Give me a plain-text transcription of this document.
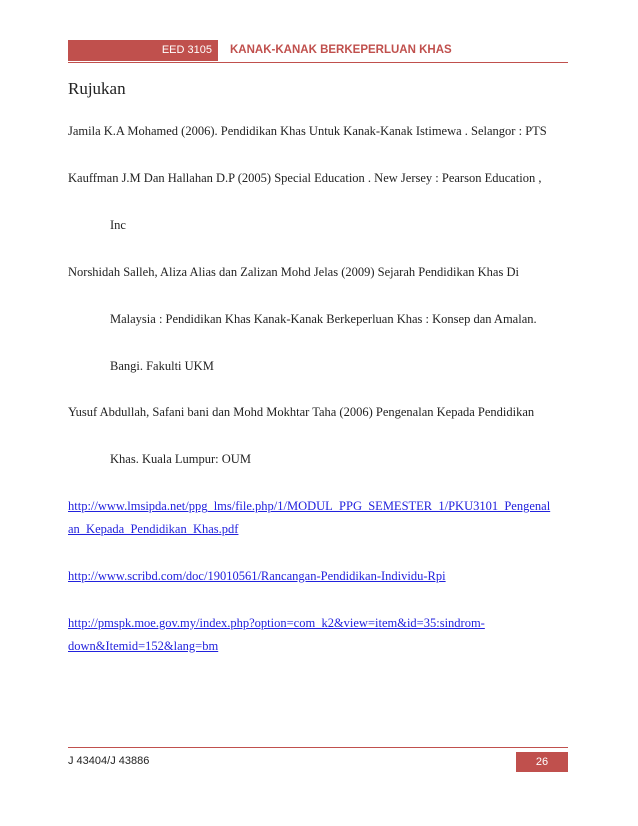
EED 3105	KANAK-KANAK BERKEPERLUAN KHAS
Rujukan
Jamila K.A Mohamed (2006). Pendidikan Khas Untuk Kanak-Kanak Istimewa . Selangor : PTS
Kauffman J.M Dan Hallahan D.P (2005) Special Education . New Jersey : Pearson Education ,
Inc
Norshidah Salleh, Aliza Alias dan Zalizan Mohd Jelas (2009) Sejarah Pendidikan Khas Di
Malaysia : Pendidikan Khas Kanak-Kanak Berkeperluan Khas : Konsep dan Amalan.
Bangi. Fakulti UKM
Yusuf Abdullah, Safani bani dan Mohd Mokhtar Taha (2006) Pengenalan Kepada Pendidikan
Khas. Kuala Lumpur: OUM
http://www.lmsipda.net/ppg_lms/file.php/1/MODUL_PPG_SEMESTER_1/PKU3101_Pengenal
an_Kepada_Pendidikan_Khas.pdf
http://www.scribd.com/doc/19010561/Rancangan-Pendidikan-Individu-Rpi
http://pmspk.moe.gov.my/index.php?option=com_k2&view=item&id=35:sindrom-
down&Itemid=152&lang=bm
J 43404/J 43886	26
